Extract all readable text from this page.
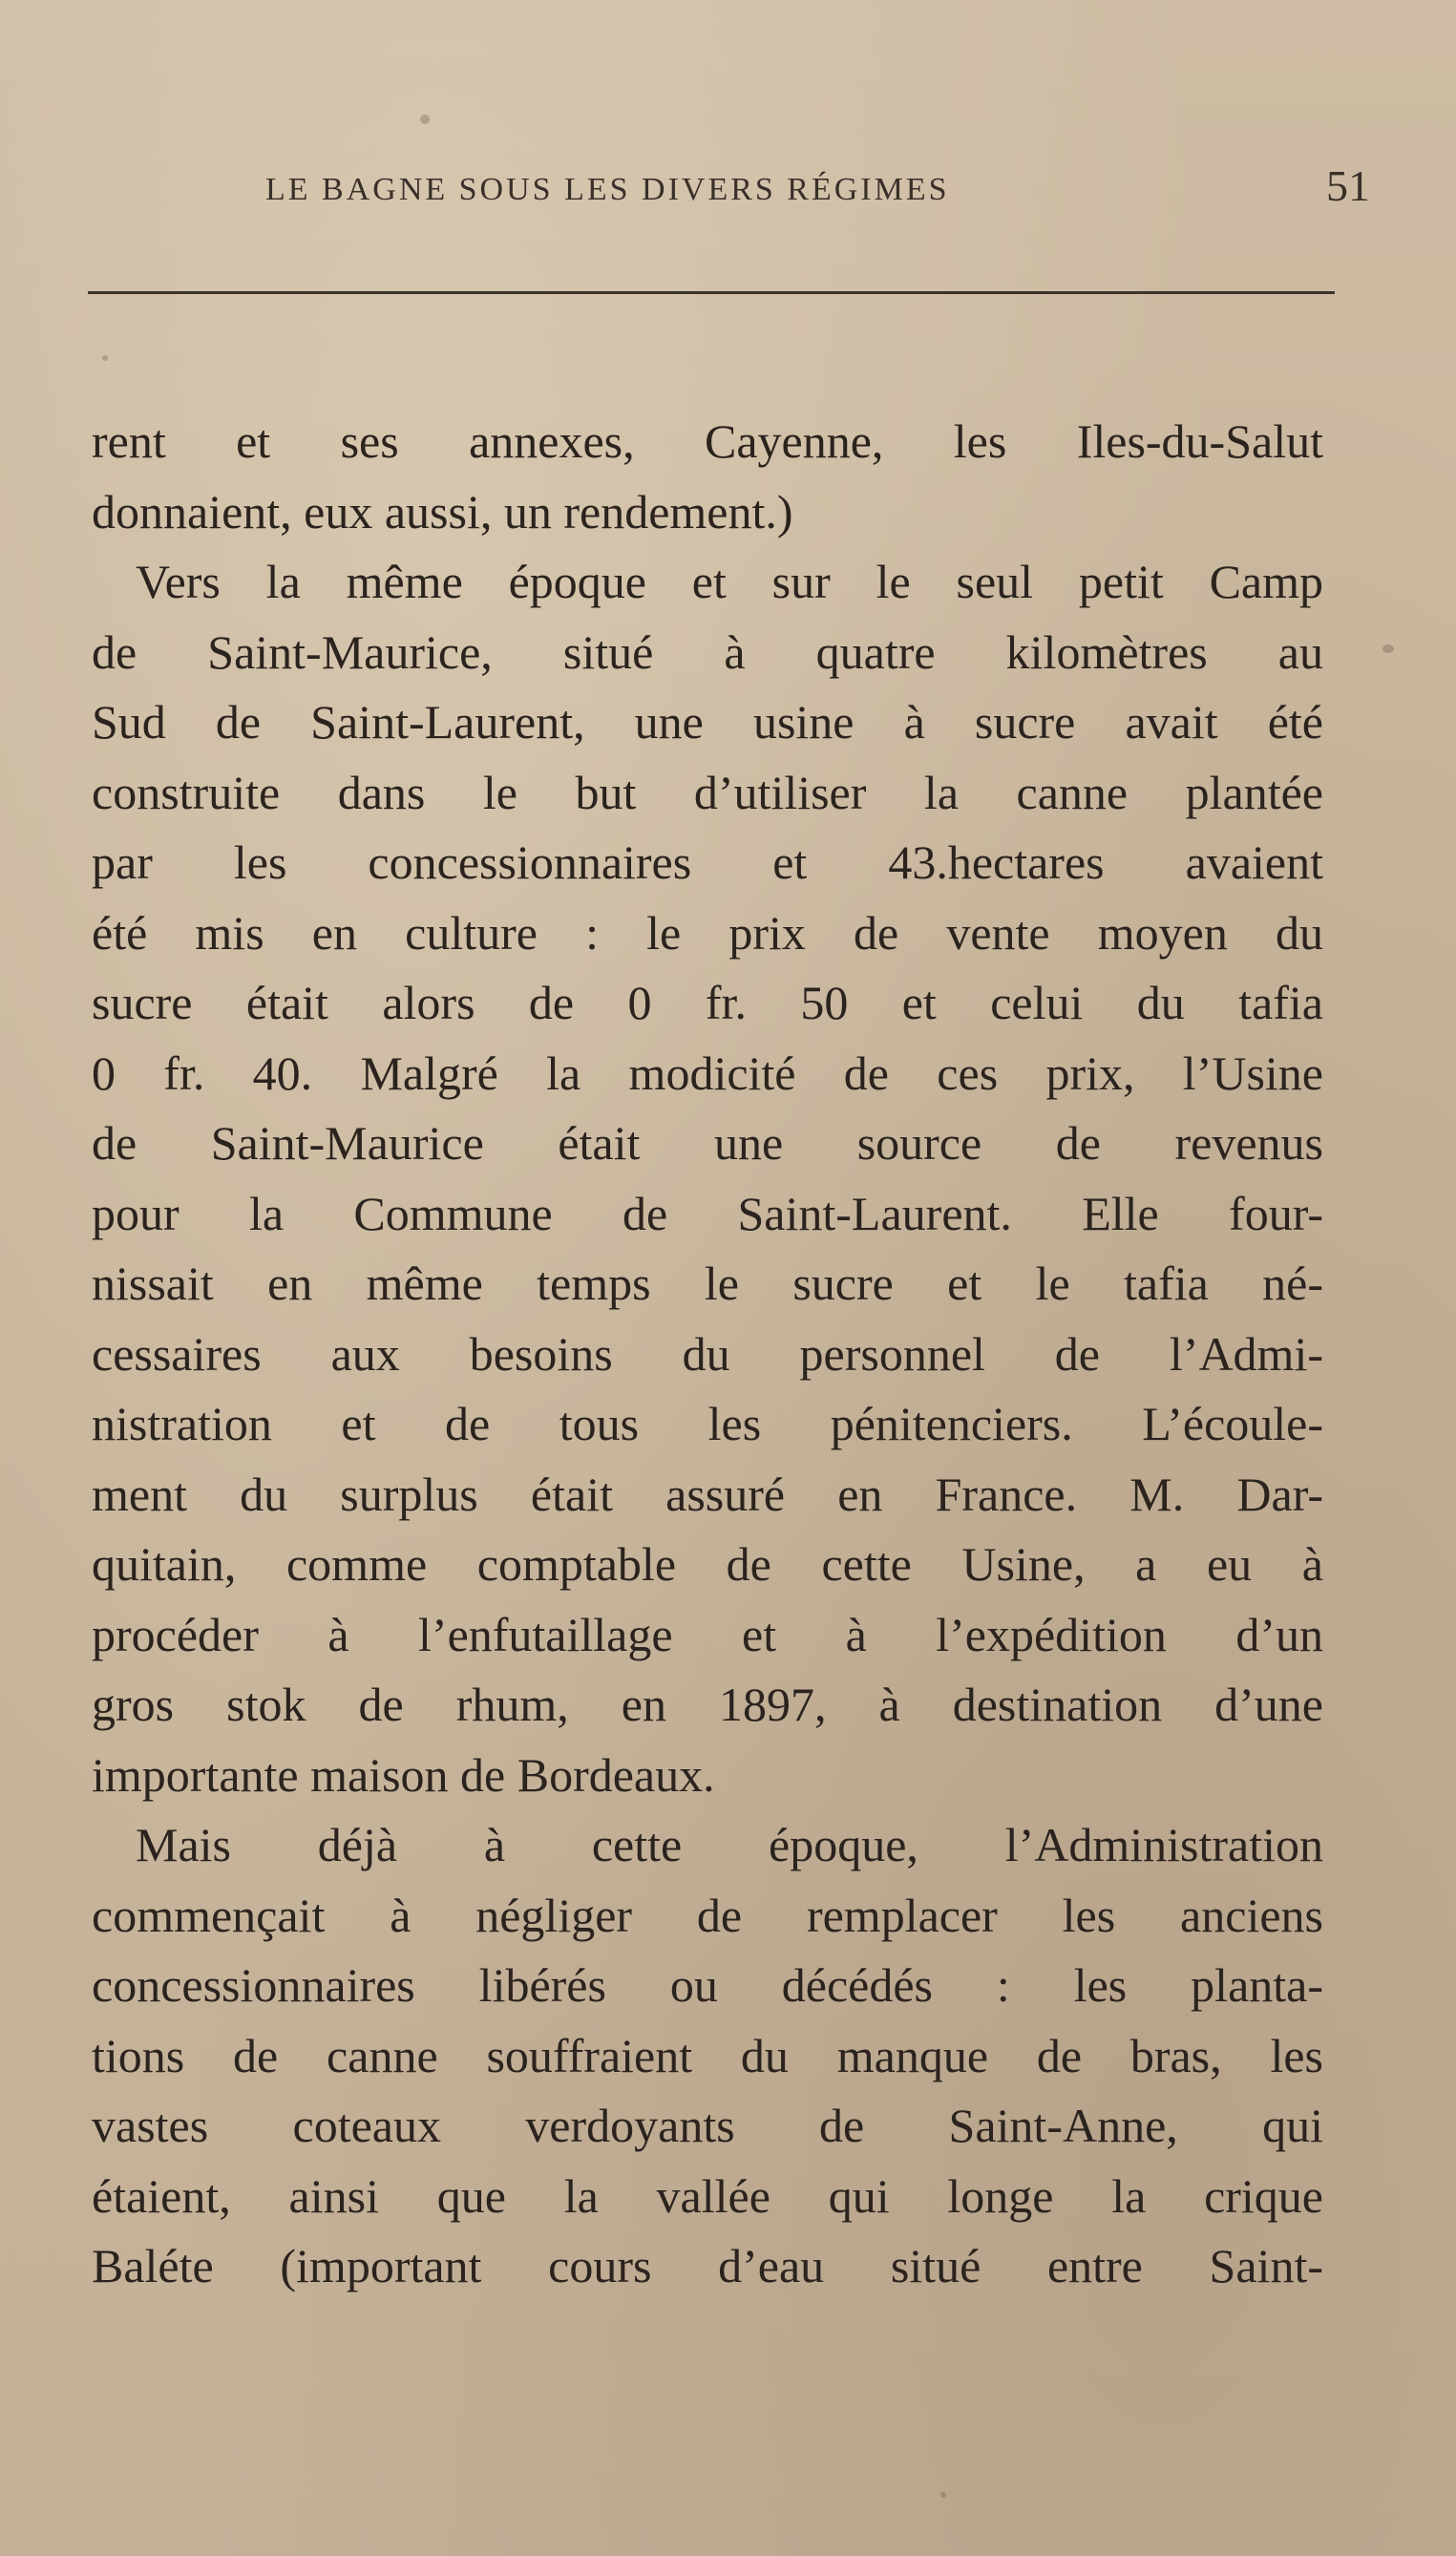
LE BAGNE SOUS LES DIVERS RÉGIMES	51
rent et ses annexes, Cayenne, les Iles-du-Salut
donnaient, eux aussi, un rendement.)
Vers la même époque et sur le seul petit Camp
de Saint-Maurice, situé à quatre kilomètres au
Sud de Saint-Laurent, une usine à sucre avait été
construite dans le but d’utiliser la canne plantée
par les concessionnaires et 43.hectares avaient
été mis en culture : le prix de vente moyen du
sucre était alors de 0 fr. 50 et celui du tafia
0 fr. 40. Malgré la modicité de ces prix, l’Usine
de Saint-Maurice était une source de revenus
pour la Commune de Saint-Laurent. Elle four-
nissait en même temps le sucre et le tafia né-
cessaires aux besoins du personnel de l’Admi-
nistration et de tous les pénitenciers. L’écoule-
ment du surplus était assuré en France. M. Dar-
quitain, comme comptable de cette Usine, a eu à
procéder à l’enfutaillage et à l’expédition d’un
gros stok de rhum, en 1897, à destination d’une
importante maison de Bordeaux.
Mais déjà à cette époque, l’Administration
commençait à négliger de remplacer les anciens
concessionnaires libérés ou décédés : les planta-
tions de canne souffraient du manque de bras, les
vastes coteaux verdoyants de Saint-Anne, qui
étaient, ainsi que la vallée qui longe la crique
Baléte (important cours d’eau situé entre Saint-
